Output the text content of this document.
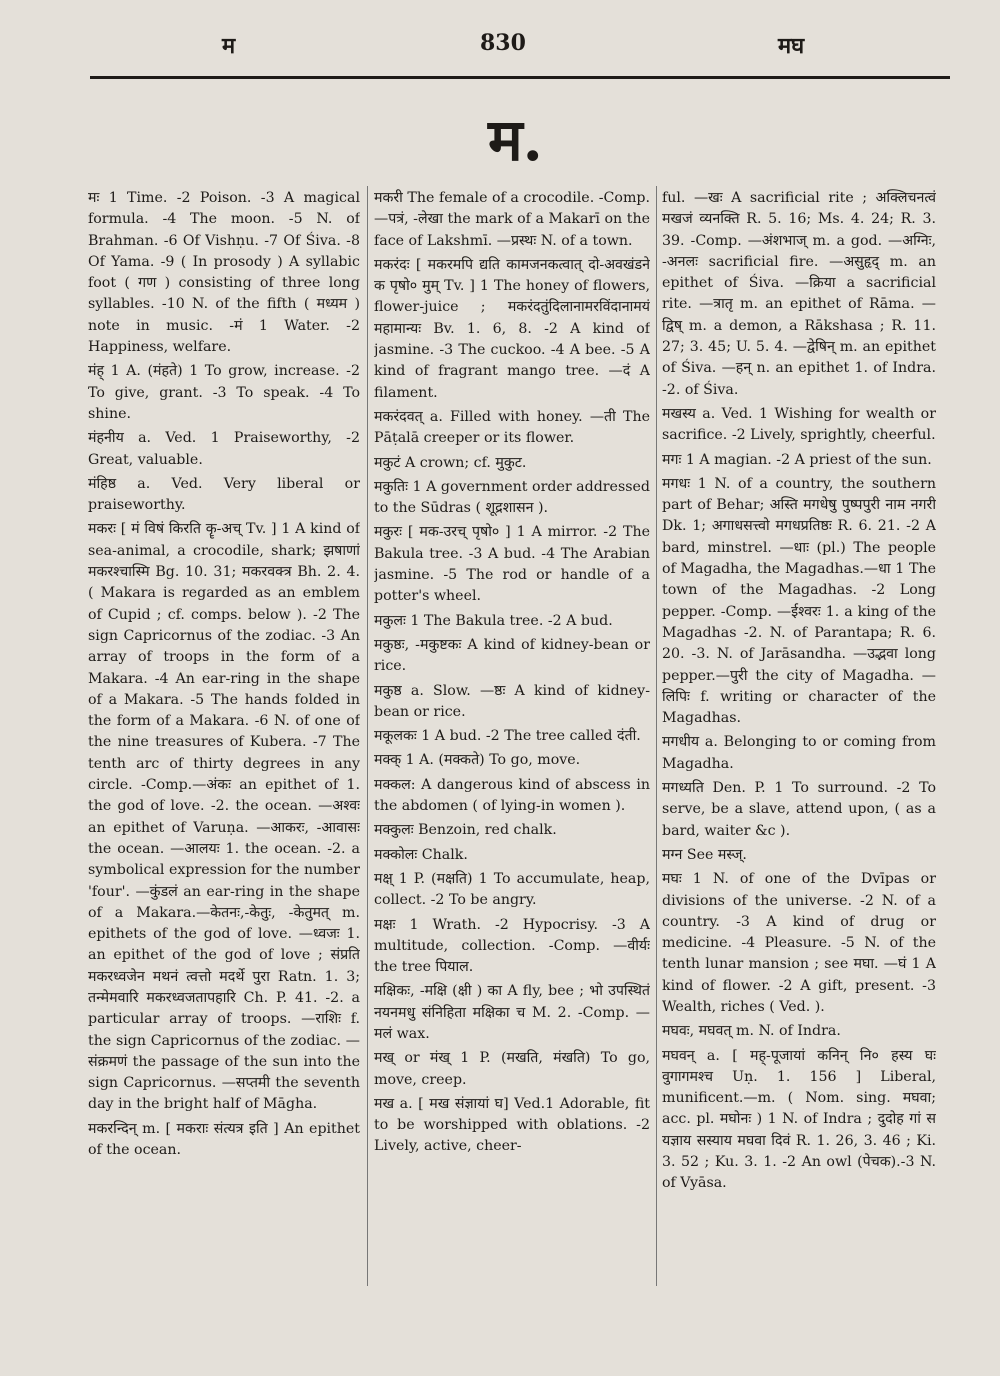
म	830	मघ
म.

मः 1 Time. -2 Poison. -3 A magical formula. -4 The moon. -5 N. of Brahman. -6 Of Vishṇu. -7 Of Śiva. -8 Of Yama. -9 ( In prosody ) A syllabic foot ( गण ) consisting of three long syllables. -10 N. of the fifth ( मध्यम ) note in music. -मं 1 Water. -2 Happiness, welfare.

मंह् 1 A. (मंहते) 1 To grow, increase. -2 To give, grant. -3 To speak. -4 To shine.

मंहनीय a. Ved. 1 Praiseworthy, -2 Great, valuable.

मंहिष्ठ a. Ved. Very liberal or praiseworthy.

मकरः [ मं विषं किरति कॄ-अच् Tv. ] 1 A kind of sea-animal, a crocodile, shark; झषाणां मकरश्चास्मि Bg. 10. 31; मकरवक्त्र Bh. 2. 4. ( Makara is regarded as an emblem of Cupid ; cf. comps. below ). -2 The sign Capricornus of the zodiac. -3 An array of troops in the form of a Makara. -4 An ear-ring in the shape of a Makara. -5 The hands folded in the form of a Makara. -6 N. of one of the nine treasures of Kubera. -7 The tenth arc of thirty degrees in any circle. -Comp.—अंकः an epithet of 1. the god of love. -2. the ocean. —अश्वः an epithet of Varuṇa. —आकरः, -आवासः the ocean. —आलयः 1. the ocean. -2. a symbolical expression for the number 'four'. —कुंडलं an ear-ring in the shape of a Makara.—केतनः,-केतुः, -केतुमत् m. epithets of the god of love. —ध्वजः 1. an epithet of the god of love ; संप्रति मकरध्वजेन मथनं त्वत्तो मदर्थे पुरा Ratn. 1. 3; तन्मेमवारि मकरध्वजतापहारि Ch. P. 41. -2. a particular array of troops. —राशिः f. the sign Capricornus of the zodiac. —संक्रमणं the passage of the sun into the sign Capricornus. —सप्तमी the seventh day in the bright half of Māgha.

मकरन्दिन् m. [ मकराः संत्यत्र इति ] An epithet of the ocean.

मकरी The female of a crocodile. -Comp. —पत्रं, -लेखा the mark of a Makarī on the face of Lakshmī. —प्रस्थः N. of a town.

मकरंदः [ मकरमपि द्यति कामजनकत्वात् दो-अवखंडने क पृषो० मुम् Tv. ] 1 The honey of flowers, flower-juice ; मकरंदतुंदिलानामरविंदानामयं महामान्यः Bv. 1. 6, 8. -2 A kind of jasmine. -3 The cuckoo. -4 A bee. -5 A kind of fragrant mango tree. —दं A filament.

मकरंदवत् a. Filled with honey. —ती The Pāṭalā creeper or its flower.

मकुटं A crown; cf. मुकुट.

मकुतिः 1 A government order addressed to the Sūdras ( शूद्रशासन ).

मकुरः [ मक-उरच् पृषो० ] 1 A mirror. -2 The Bakula tree. -3 A bud. -4 The Arabian jasmine. -5 The rod or handle of a potter's wheel.

मकुलः 1 The Bakula tree. -2 A bud.

मकुष्ठः, -मकुष्टकः A kind of kidney-bean or rice.

मकुष्ठ a. Slow. —ष्ठः A kind of kidney-bean or rice.

मकूलकः 1 A bud. -2 The tree called दंती.

मक्क् 1 A. (मक्कते) To go, move.

मक्कल: A dangerous kind of abscess in the abdomen ( of lying-in women ).

मक्कुलः Benzoin, red chalk.

मक्कोलः Chalk.

मक्ष् 1 P. (मक्षति) 1 To accumulate, heap, collect. -2 To be angry.

मक्षः 1 Wrath. -2 Hypocrisy. -3 A multitude, collection. -Comp. —वीर्यः the tree पियाल.

मक्षिकः, -मक्षि (क्षी ) का A fly, bee ; भो उपस्थितं नयनमधु संनिहिता मक्षिका च M. 2. -Comp. —मलं wax.

मख् or मंख् 1 P. (मखति, मंखति) To go, move, creep.

मख a. [ मख संज्ञायां घ] Ved.1 Adorable, fit to be worshipped with oblations. -2 Lively, active, cheer-

ful. —खः A sacrificial rite ; अक्लिचनत्वं मखजं व्यनक्ति R. 5. 16; Ms. 4. 24; R. 3. 39. -Comp. —अंशभाज् m. a god. —अग्निः, -अनलः sacrificial fire. —असुहृद् m. an epithet of Śiva. —क्रिया a sacrificial rite. —त्रातृ m. an epithet of Rāma. —द्विष् m. a demon, a Rākshasa ; R. 11. 27; 3. 45; U. 5. 4. —द्वेषिन् m. an epithet of Śiva. —हन् n. an epithet 1. of Indra. -2. of Śiva.

मखस्य a. Ved. 1 Wishing for wealth or sacrifice. -2 Lively, sprightly, cheerful.

मगः 1 A magian. -2 A priest of the sun.

मगधः 1 N. of a country, the southern part of Behar; अस्ति मगधेषु पुष्पपुरी नाम नगरी Dk. 1; अगाधसत्त्वो मगधप्रतिष्ठः R. 6. 21. -2 A bard, minstrel. —धाः (pl.) The people of Magadha, the Magadhas.—धा 1 The town of the Magadhas. -2 Long pepper. -Comp. —ईश्वरः 1. a king of the Magadhas -2. N. of Parantapa; R. 6. 20. -3. N. of Jarāsandha. —उद्भवा long pepper.—पुरी the city of Magadha. —लिपिः f. writing or character of the Magadhas.

मगधीय a. Belonging to or coming from Magadha.

मगध्यति Den. P. 1 To surround. -2 To serve, be a slave, attend upon, ( as a bard, waiter &c ).

मग्न See मस्ज्.

मघः 1 N. of one of the Dvīpas or divisions of the universe. -2 N. of a country. -3 A kind of drug or medicine. -4 Pleasure. -5 N. of the tenth lunar mansion ; see मघा. —घं 1 A kind of flower. -2 A gift, present. -3 Wealth, riches ( Ved. ).

मघवः, मघवत् m. N. of Indra.

मघवन् a. [ मह्-पूजायां कनिन् नि० हस्य घः वुगागमश्च Uṇ. 1. 156 ] Liberal, munificent.—m. ( Nom. sing. मघवा; acc. pl. मघोनः ) 1 N. of Indra ; दुदोह गां स यज्ञाय सस्याय मघवा दिवं R. 1. 26, 3. 46 ; Ki. 3. 52 ; Ku. 3. 1. -2 An owl (पेचक).-3 N. of Vyāsa.
